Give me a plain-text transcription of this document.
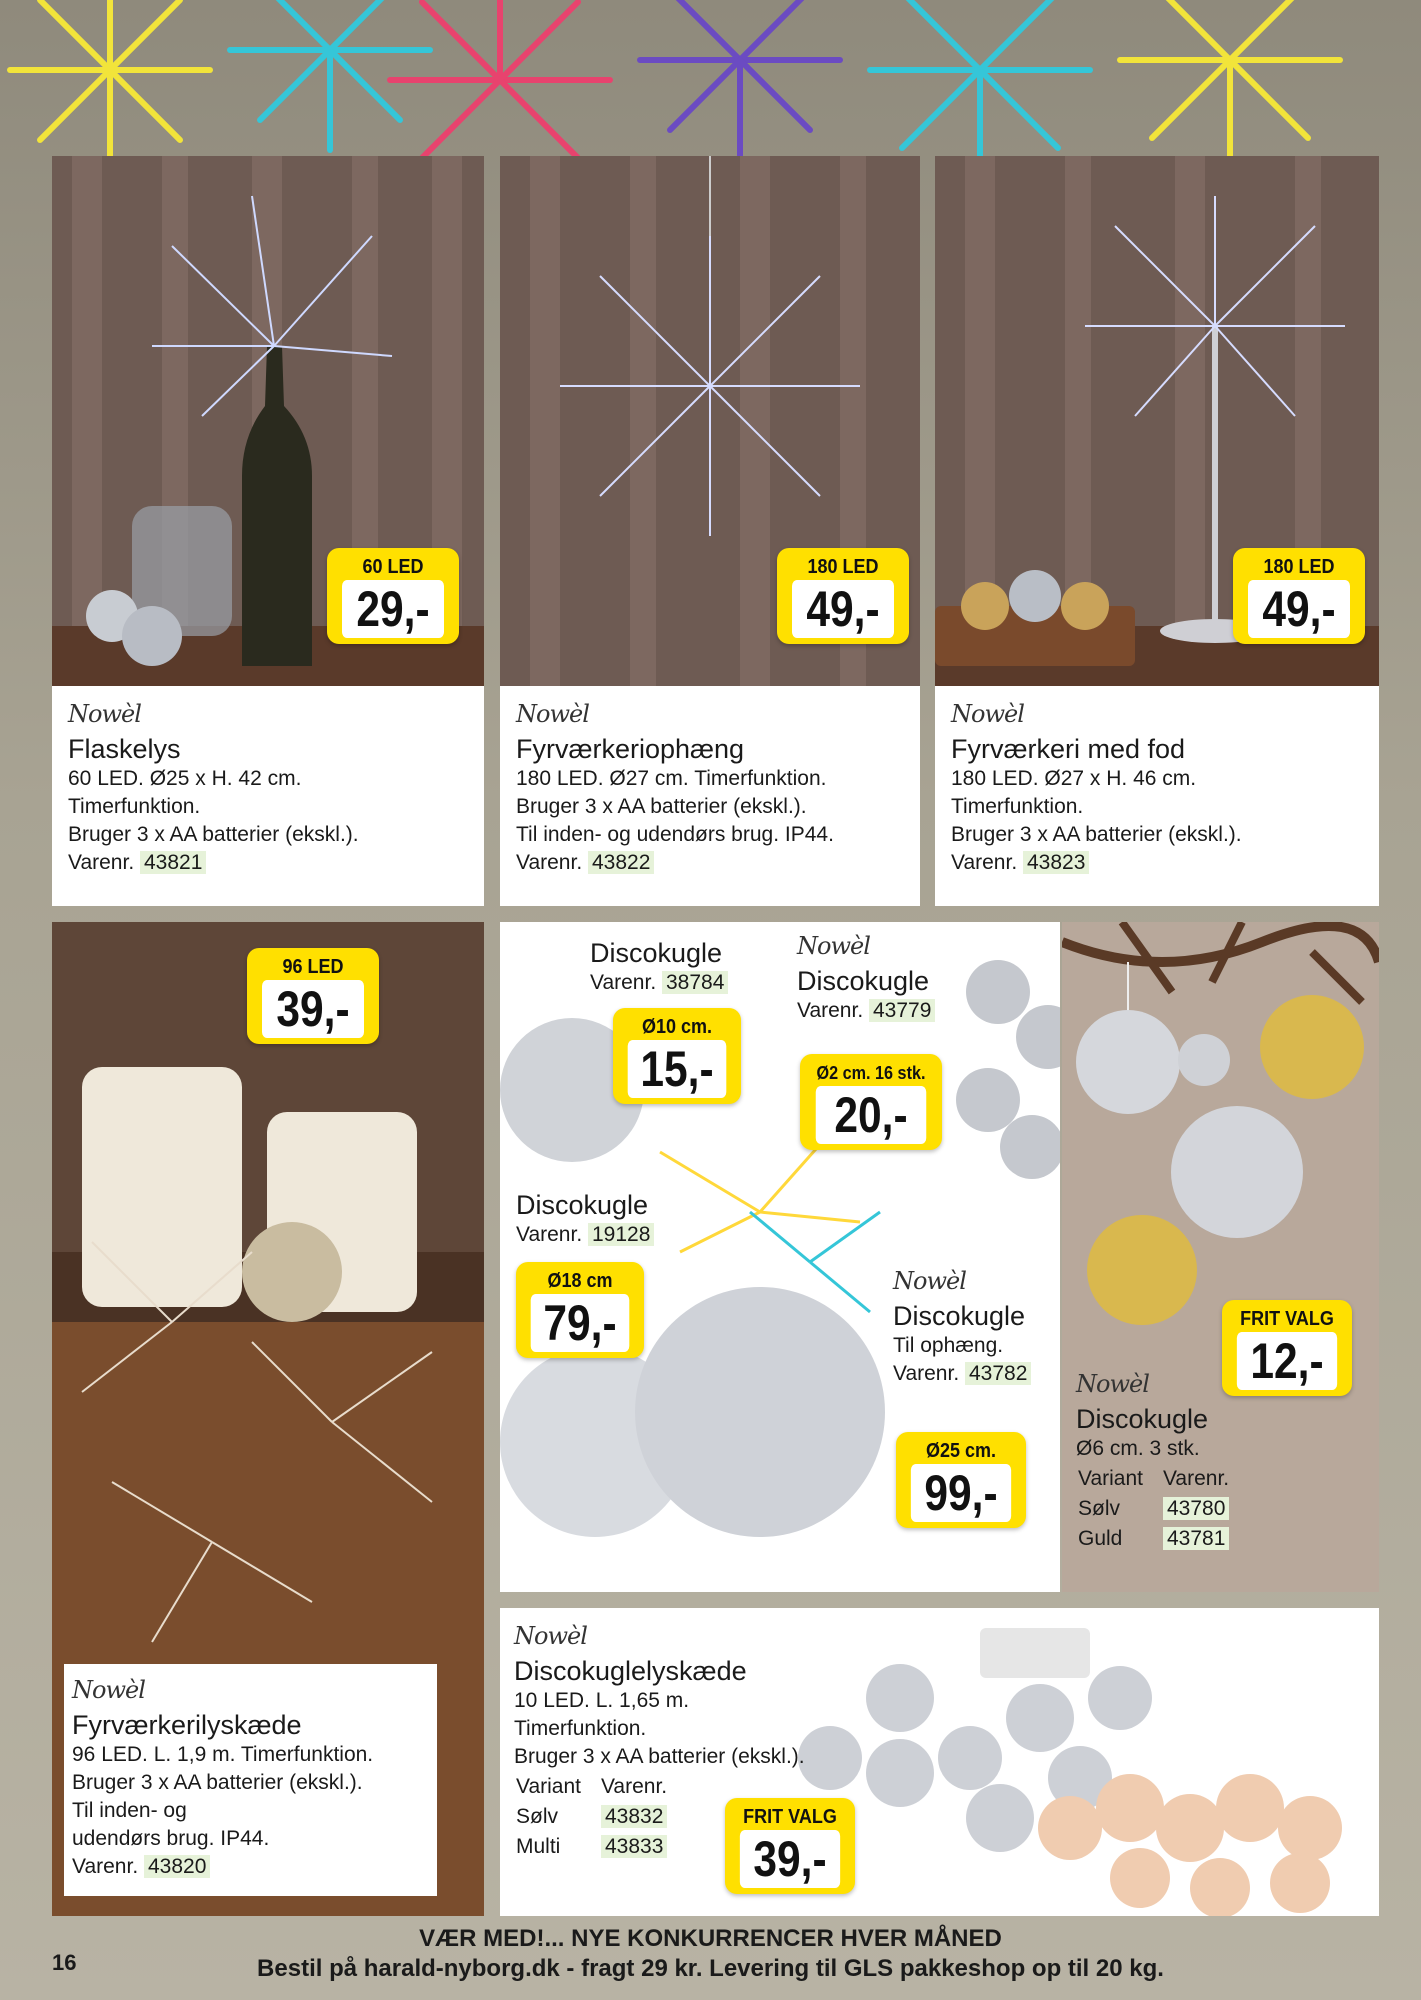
60 LED
29,-
Nowèl
Flaskelys
60 LED. Ø25 x H. 42 cm.
Timerfunktion.
Bruger 3 x AA batterier (ekskl.).
Varenr. 43821
180 LED
49,-
Nowèl
Fyrværkeriophæng
180 LED. Ø27 cm. Timerfunktion.
Bruger 3 x AA batterier (ekskl.).
Til inden- og udendørs brug. IP44.
Varenr. 43822
180 LED
49,-
Nowèl
Fyrværkeri med fod
180 LED. Ø27 x H. 46 cm.
Timerfunktion.
Bruger 3 x AA batterier (ekskl.).
Varenr. 43823
96 LED
39,-
Nowèl
Fyrværkerilyskæde
96 LED. L. 1,9 m. Timerfunktion.
Bruger 3 x AA batterier (ekskl.).
Til inden- og
udendørs brug. IP44.
Varenr. 43820
Discokugle
Varenr. 38784
Ø10 cm.
15,-
Nowèl
Discokugle
Varenr. 43779
Ø2 cm. 16 stk.
20,-
Discokugle
Varenr. 19128
Ø18 cm
79,-
Nowèl
Discokugle
Til ophæng.
Varenr. 43782
Ø25 cm.
99,-
FRIT VALG
12,-
Nowèl
Discokugle
Ø6 cm. 3 stk.
Variant	Varenr.
Sølv	43780
Guld	43781
Nowèl
Discokuglelyskæde
10 LED. L. 1,65 m.
Timerfunktion.
Bruger 3 x AA batterier (ekskl.).
Variant	Varenr.
Sølv	43832
Multi	43833
FRIT VALG
39,-
16
VÆR MED!... NYE KONKURRENCER HVER MÅNED
Bestil på harald-nyborg.dk - fragt 29 kr. Levering til GLS pakkeshop op til 20 kg.
